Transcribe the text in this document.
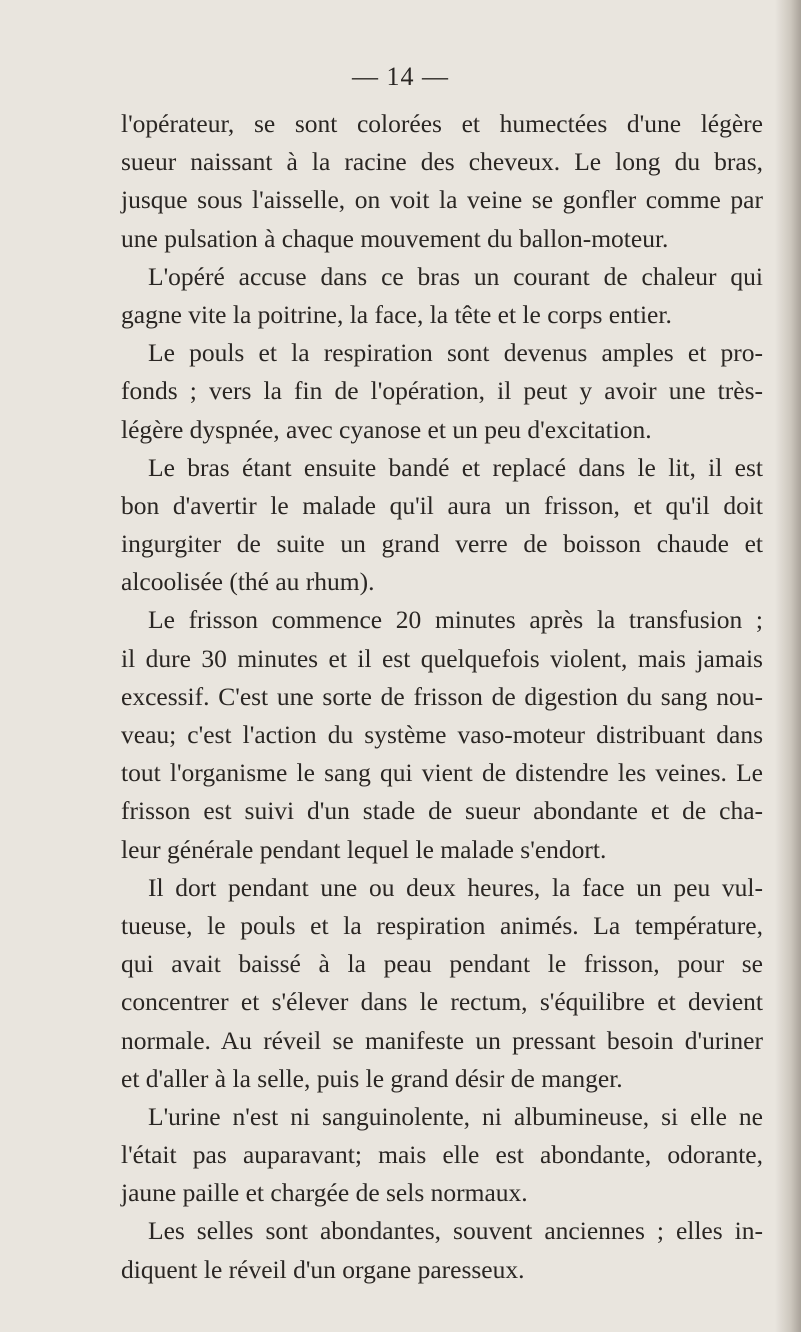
— 14 —
l'opérateur, se sont colorées et humectées d'une légère
sueur naissant à la racine des cheveux. Le long du bras,
jusque sous l'aisselle, on voit la veine se gonfler comme par
une pulsation à chaque mouvement du ballon-moteur.
L'opéré accuse dans ce bras un courant de chaleur qui
gagne vite la poitrine, la face, la tête et le corps entier.
Le pouls et la respiration sont devenus amples et pro-
fonds ; vers la fin de l'opération, il peut y avoir une très-
légère dyspnée, avec cyanose et un peu d'excitation.
Le bras étant ensuite bandé et replacé dans le lit, il est
bon d'avertir le malade qu'il aura un frisson, et qu'il doit
ingurgiter de suite un grand verre de boisson chaude et
alcoolisée (thé au rhum).
Le frisson commence 20 minutes après la transfusion ;
il dure 30 minutes et il est quelquefois violent, mais jamais
excessif. C'est une sorte de frisson de digestion du sang nou-
veau; c'est l'action du système vaso-moteur distribuant dans
tout l'organisme le sang qui vient de distendre les veines. Le
frisson est suivi d'un stade de sueur abondante et de cha-
leur générale pendant lequel le malade s'endort.
Il dort pendant une ou deux heures, la face un peu vul-
tueuse, le pouls et la respiration animés. La température,
qui avait baissé à la peau pendant le frisson, pour se
concentrer et s'élever dans le rectum, s'équilibre et devient
normale. Au réveil se manifeste un pressant besoin d'uriner
et d'aller à la selle, puis le grand désir de manger.
L'urine n'est ni sanguinolente, ni albumineuse, si elle ne
l'était pas auparavant; mais elle est abondante, odorante,
jaune paille et chargée de sels normaux.
Les selles sont abondantes, souvent anciennes ; elles in-
diquent le réveil d'un organe paresseux.
